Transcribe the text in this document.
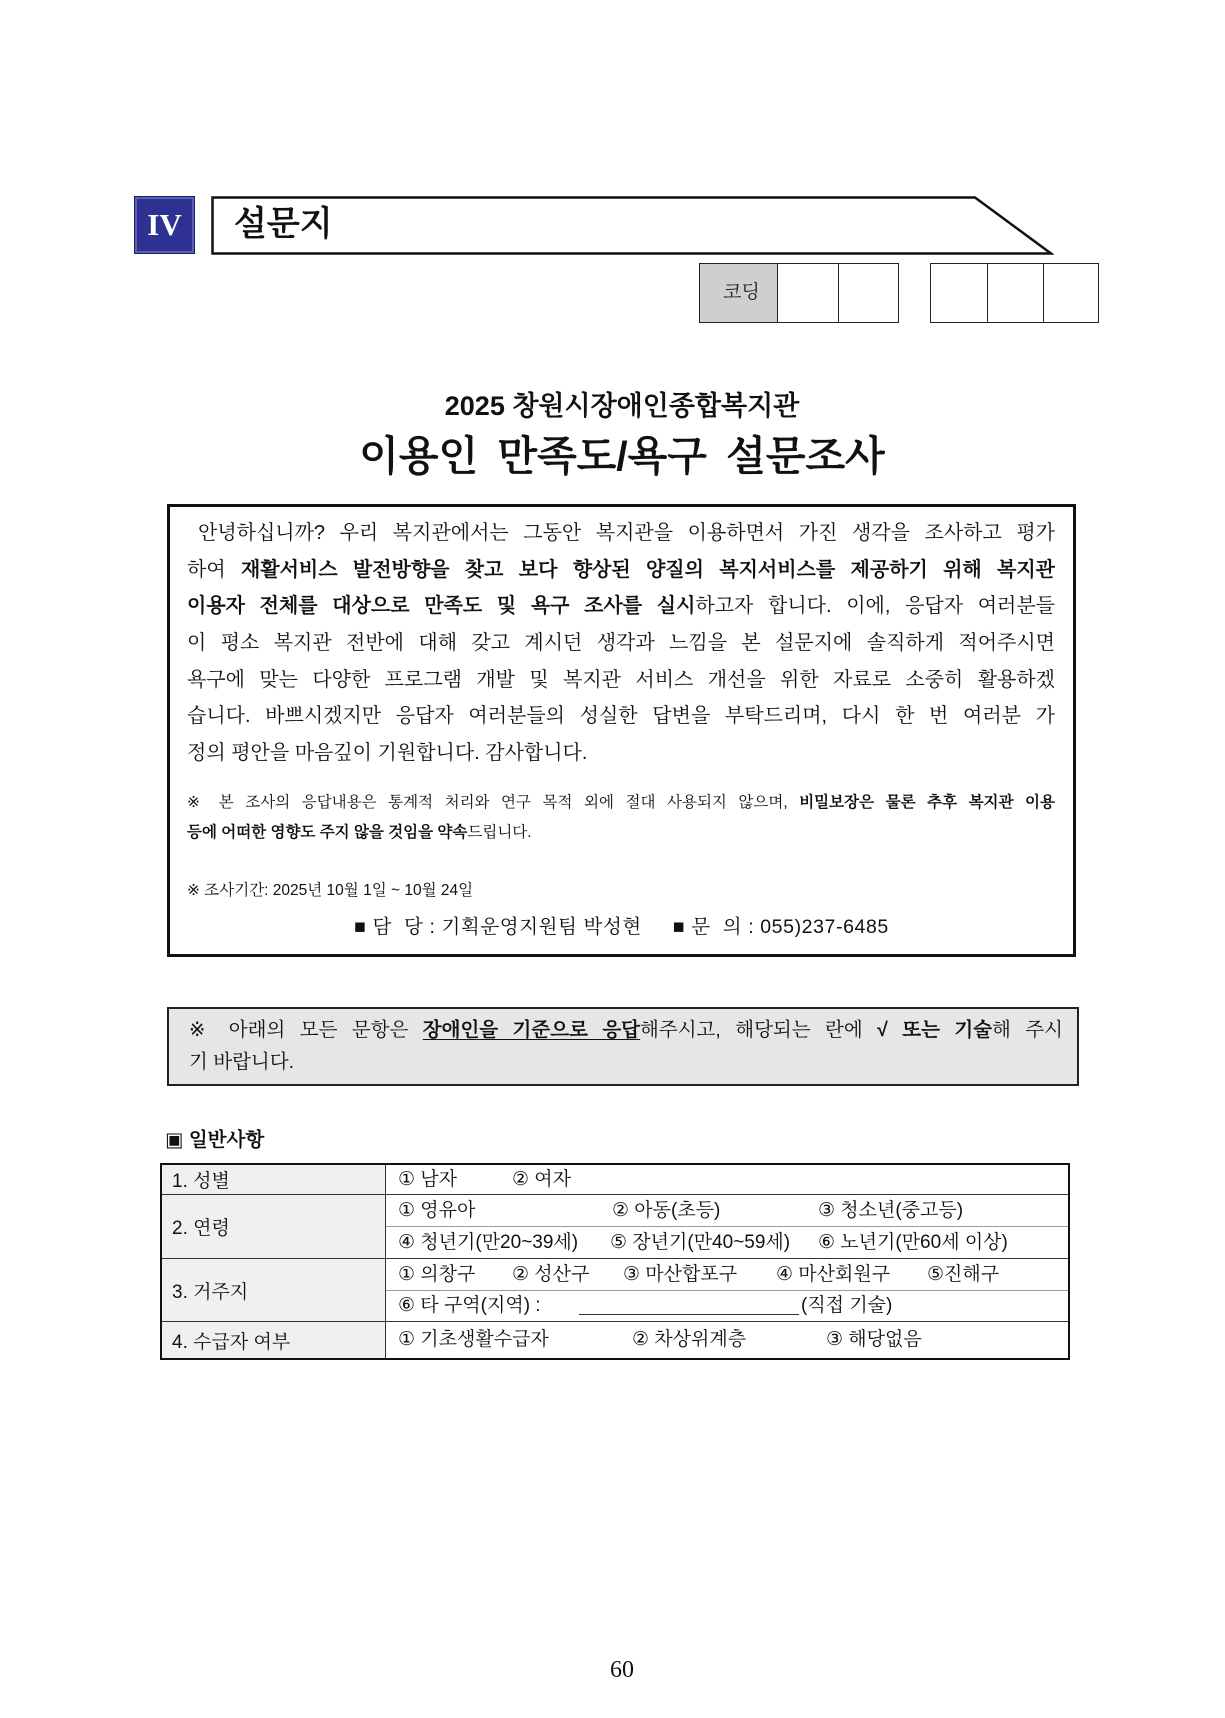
IV	설문지
코딩
2025 창원시장애인종합복지관
이용인 만족도/욕구 설문조사
안녕하십니까? 우리 복지관에서는 그동안 복지관을 이용하면서 가진 생각을 조사하고 평가
하여 재활서비스 발전방향을 찾고 보다 향상된 양질의 복지서비스를 제공하기 위해 복지관
이용자 전체를 대상으로 만족도 및 욕구 조사를 실시하고자 합니다. 이에, 응답자 여러분들
이 평소 복지관 전반에 대해 갖고 계시던 생각과 느낌을 본 설문지에 솔직하게 적어주시면
욕구에 맞는 다양한 프로그램 개발 및 복지관 서비스 개선을 위한 자료로 소중히 활용하겠
습니다. 바쁘시겠지만 응답자 여러분들의 성실한 답변을 부탁드리며, 다시 한 번 여러분 가
정의 평안을 마음깊이 기원합니다. 감사합니다.
※ 본 조사의 응답내용은 통계적 처리와 연구 목적 외에 절대 사용되지 않으며, 비밀보장은 물론 추후 복지관 이용
등에 어떠한 영향도 주지 않을 것임을 약속드립니다.
※ 조사기간: 2025년 10월 1일 ~ 10월 24일
■ 담  당 : 기획운영지원팀 박성현 ■ 문  의 : 055)237-6485
※ 아래의 모든 문항은 장애인을 기준으로 응답해주시고, 해당되는 란에 √ 또는 기술해 주시
기 바랍니다.
▣ 일반사항
1. 성별	① 남자	② 여자
2. 연령
① 영유아	② 아동(초등)	③ 청소년(중고등)
④ 청년기(만20~39세) ⑤ 장년기(만40~59세) ⑥ 노년기(만60세 이상)
3. 거주지
① 의창구 ② 성산구 ③ 마산합포구 ④ 마산회원구 ⑤진해구
⑥ 타 구역(지역) :	(직접 기술)
4. 수급자 여부	① 기초생활수급자	② 차상위계층	③ 해당없음
60
